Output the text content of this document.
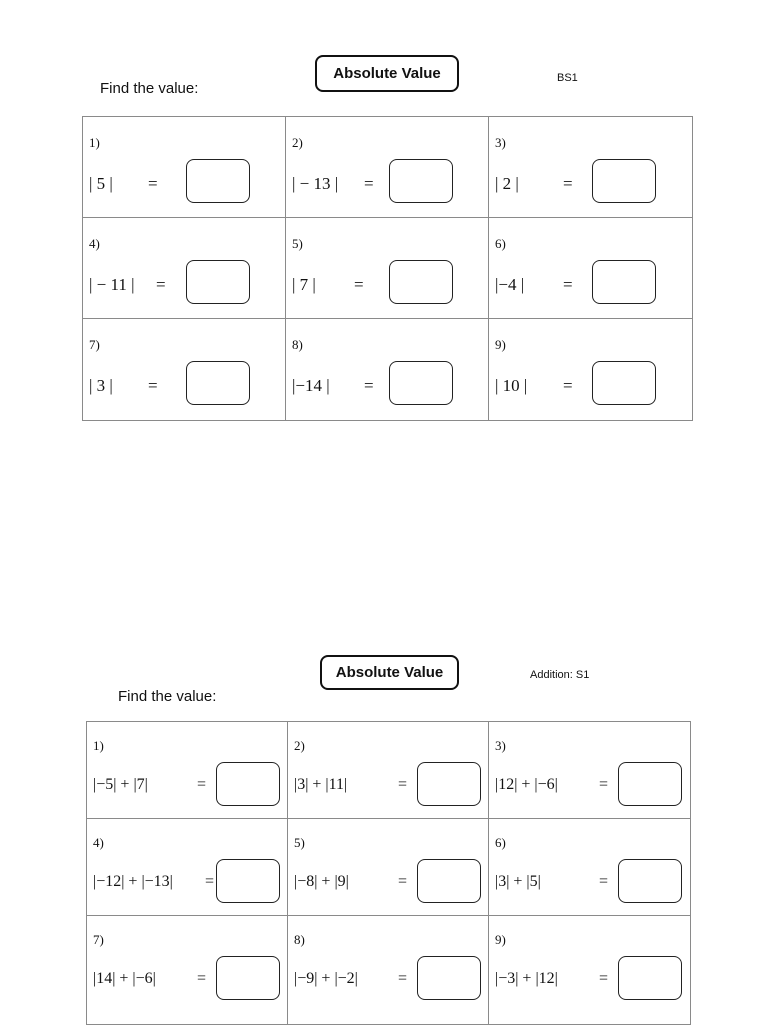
Absolute Value
Find the value:
BS1
1)
| 5 | =
2)
| − 13 | =
3)
| 2 |	=
4)
| − 11 | =
5)
| 7 | =
6)
|−4 | =
7)
| 3 | =
8)
|−14 | =
9)
| 10 | =
Absolute Value
Find the value:
Addition: S1
1)
|−5| + |7|	=
2)
|3| + |11|	=
3)
|12| + |−6|	=
4)
|−12| + |−13| =
5)
|−8| + |9|	=
6)
|3| + |5|	=
7)
|14| + |−6|	=
8)
|−9| + |−2|	=
9)
|−3| + |12|	=
